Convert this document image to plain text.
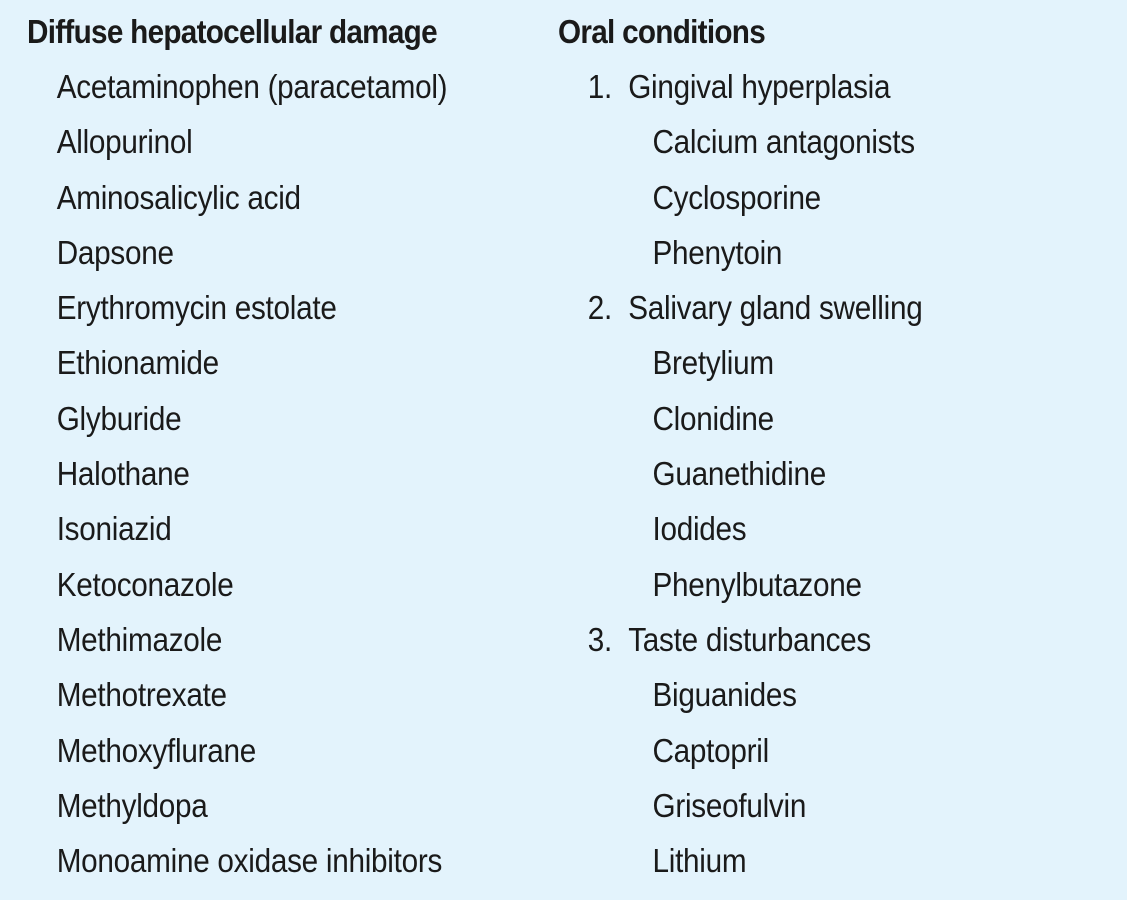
Diffuse hepatocellular damage
Acetaminophen (paracetamol)
Allopurinol
Aminosalicylic acid
Dapsone
Erythromycin estolate
Ethionamide
Glyburide
Halothane
Isoniazid
Ketoconazole
Methimazole
Methotrexate
Methoxyflurane
Methyldopa
Monoamine oxidase inhibitors
Oral conditions
1. Gingival hyperplasia
Calcium antagonists
Cyclosporine
Phenytoin
2. Salivary gland swelling
Bretylium
Clonidine
Guanethidine
Iodides
Phenylbutazone
3. Taste disturbances
Biguanides
Captopril
Griseofulvin
Lithium
